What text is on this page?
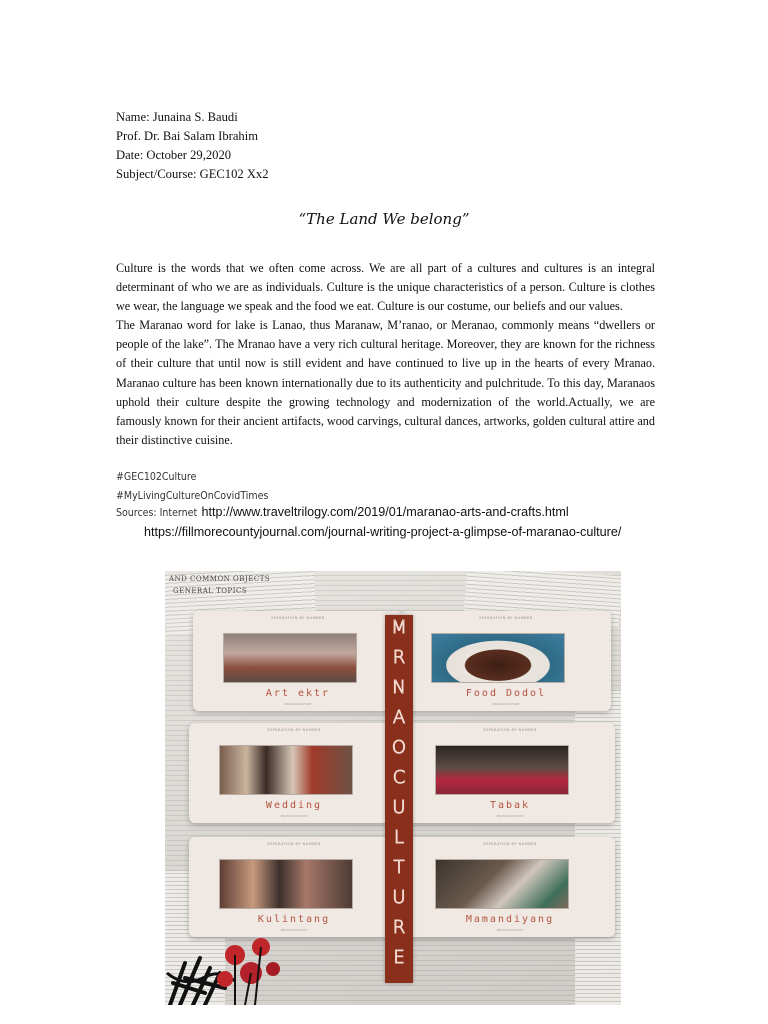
Name: Junaina S. Baudi
Prof. Dr. Bai Salam Ibrahim
Date: October 29,2020
Subject/Course: GEC102 Xx2
“The Land We belong”

Culture is the words that we often come across. We are all part of a cultures and cultures is an integral determinant of who we are as individuals. Culture is the unique characteristics of a person. Culture is clothes we wear, the language we speak and the food we eat. Culture is our costume, our beliefs and our values.

The Maranao word for lake is Lanao, thus Maranaw, M’ranao, or Meranao, commonly means “dwellers or people of the lake”. The Mranao have a very rich cultural heritage. Moreover, they are known for the richness of their culture that until now is still evident and have continued to live up in the hearts of every Mranao. Maranao culture has been known internationally due to its authenticity and pulchritude. To this day, Maranaos uphold their culture despite the growing technology and modernization of the world.Actually, we are famously known for their ancient artifacts, wood carvings, cultural dances, artworks, golden cultural attire and their distinctive cuisine.

#GEC102Culture
#MyLivingCultureOnCovidTimes
Sources: Internet http://www.traveltrilogy.com/2019/01/maranao-arts-and-crafts.html
https://fillmorecountyjournal.com/journal-writing-project-a-glimpse-of-maranao-culture/
AND COMMON OBJECTS
GENERAL TOPICS
SEPARATION BY NUMBER
Art ektr
MRANAOCULTURE
SEPARATION BY NUMBER
Food Dodol
MRANAOCULTURE
SEPARATION BY NUMBER
Wedding
MRANAOCULTURE
SEPARATION BY NUMBER
Tabak
MRANAOCULTURE
SEPARATION BY NUMBER
Kulintang
MRANAOCULTURE
SEPARATION BY NUMBER
Mamandiyang
MRANAOCULTURE
M
R
N
A
O
C
U
L
T
U
R
E
